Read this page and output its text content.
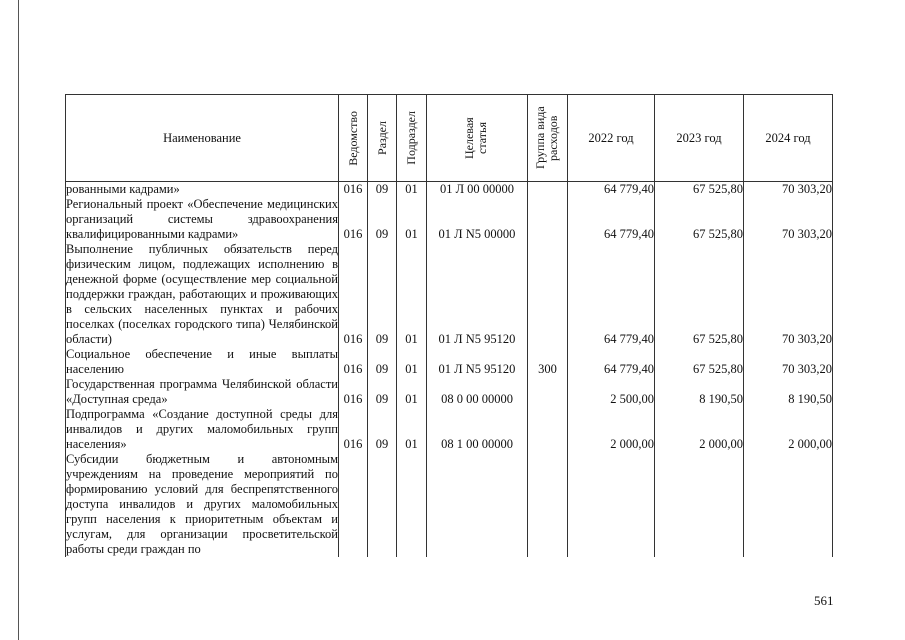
Наименование	Ведомство	Раздел	Подраздел	Целевая статья	Группа вида расходов	2022 год	2023 год	2024 год
рованными кадрами»	016	09	01	01 Л 00 00000		64 779,40	67 525,80	70 303,20
Региональный проект «Обеспечение медицинских организаций системы здравоохранения квалифицированными кадрами»	016	09	01	01 Л N5 00000		64 779,40	67 525,80	70 303,20
Выполнение публичных обязательств перед физическим лицом, подлежащих исполнению в денежной форме (осуществление мер социальной поддержки граждан, работающих и проживающих в сельских населенных пунктах и рабочих поселках (поселках городского типа) Челябинской области)	016	09	01	01 Л N5 95120		64 779,40	67 525,80	70 303,20
Социальное обеспечение и иные выплаты населению	016	09	01	01 Л N5 95120	300	64 779,40	67 525,80	70 303,20
Государственная программа Челябинской области «Доступная среда»	016	09	01	08 0 00 00000		2 500,00	8 190,50	8 190,50
Подпрограмма «Создание доступной среды для инвалидов и других маломобильных групп населения»	016	09	01	08 1 00 00000		2 000,00	2 000,00	2 000,00
Субсидии бюджетным и автономным учреждениям на проведение мероприятий по формированию условий для беспрепятственного доступа инвалидов и других маломобильных групп населения к приоритетным объектам и услугам, для организации просветительской работы среди граждан по								
561
